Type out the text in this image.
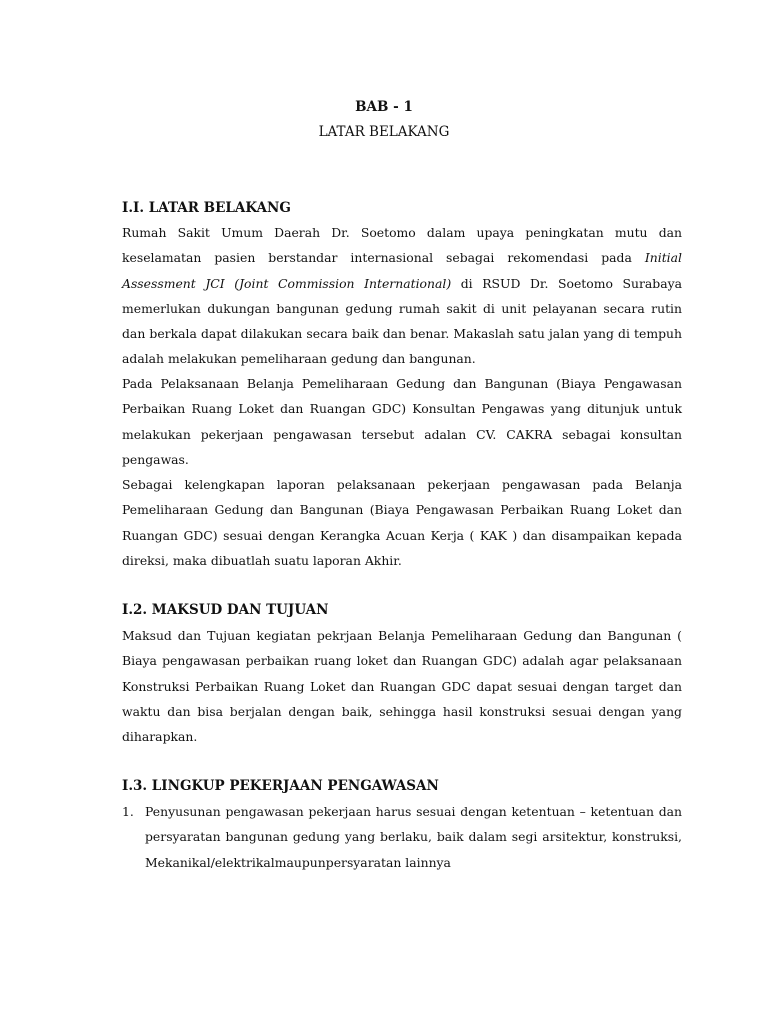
BAB - 1
LATAR BELAKANG
I.I. LATAR BELAKANG
Rumah Sakit Umum Daerah Dr. Soetomo dalam upaya peningkatan mutu dan keselamatan pasien berstandar internasional sebagai rekomendasi pada Initial Assessment JCI (Joint Commission International) di RSUD Dr. Soetomo Surabaya memerlukan dukungan bangunan gedung rumah sakit di unit pelayanan secara rutin dan berkala dapat dilakukan secara baik dan benar. Makaslah satu jalan yang di tempuh adalah melakukan pemeliharaan gedung dan bangunan.
Pada Pelaksanaan Belanja Pemeliharaan Gedung dan Bangunan (Biaya Pengawasan Perbaikan Ruang Loket dan Ruangan GDC) Konsultan Pengawas yang ditunjuk untuk melakukan pekerjaan pengawasan tersebut adalan CV. CAKRA sebagai konsultan pengawas.
Sebagai kelengkapan laporan pelaksanaan pekerjaan pengawasan pada Belanja Pemeliharaan Gedung dan Bangunan (Biaya Pengawasan Perbaikan Ruang Loket dan Ruangan GDC) sesuai dengan Kerangka Acuan Kerja ( KAK ) dan disampaikan kepada direksi, maka dibuatlah suatu laporan Akhir.
I.2. MAKSUD DAN TUJUAN
Maksud dan Tujuan kegiatan pekrjaan Belanja Pemeliharaan Gedung dan Bangunan ( Biaya pengawasan perbaikan ruang loket dan Ruangan GDC) adalah agar pelaksanaan Konstruksi Perbaikan Ruang Loket dan Ruangan GDC dapat sesuai dengan target dan waktu dan bisa berjalan dengan baik, sehingga hasil konstruksi sesuai dengan yang diharapkan.
I.3. LINGKUP PEKERJAAN PENGAWASAN
1. Penyusunan pengawasan pekerjaan harus sesuai dengan ketentuan – ketentuan dan persyaratan bangunan gedung yang berlaku, baik dalam segi arsitektur, konstruksi, Mekanikal/elektrikalmaupunpersyaratan lainnya
